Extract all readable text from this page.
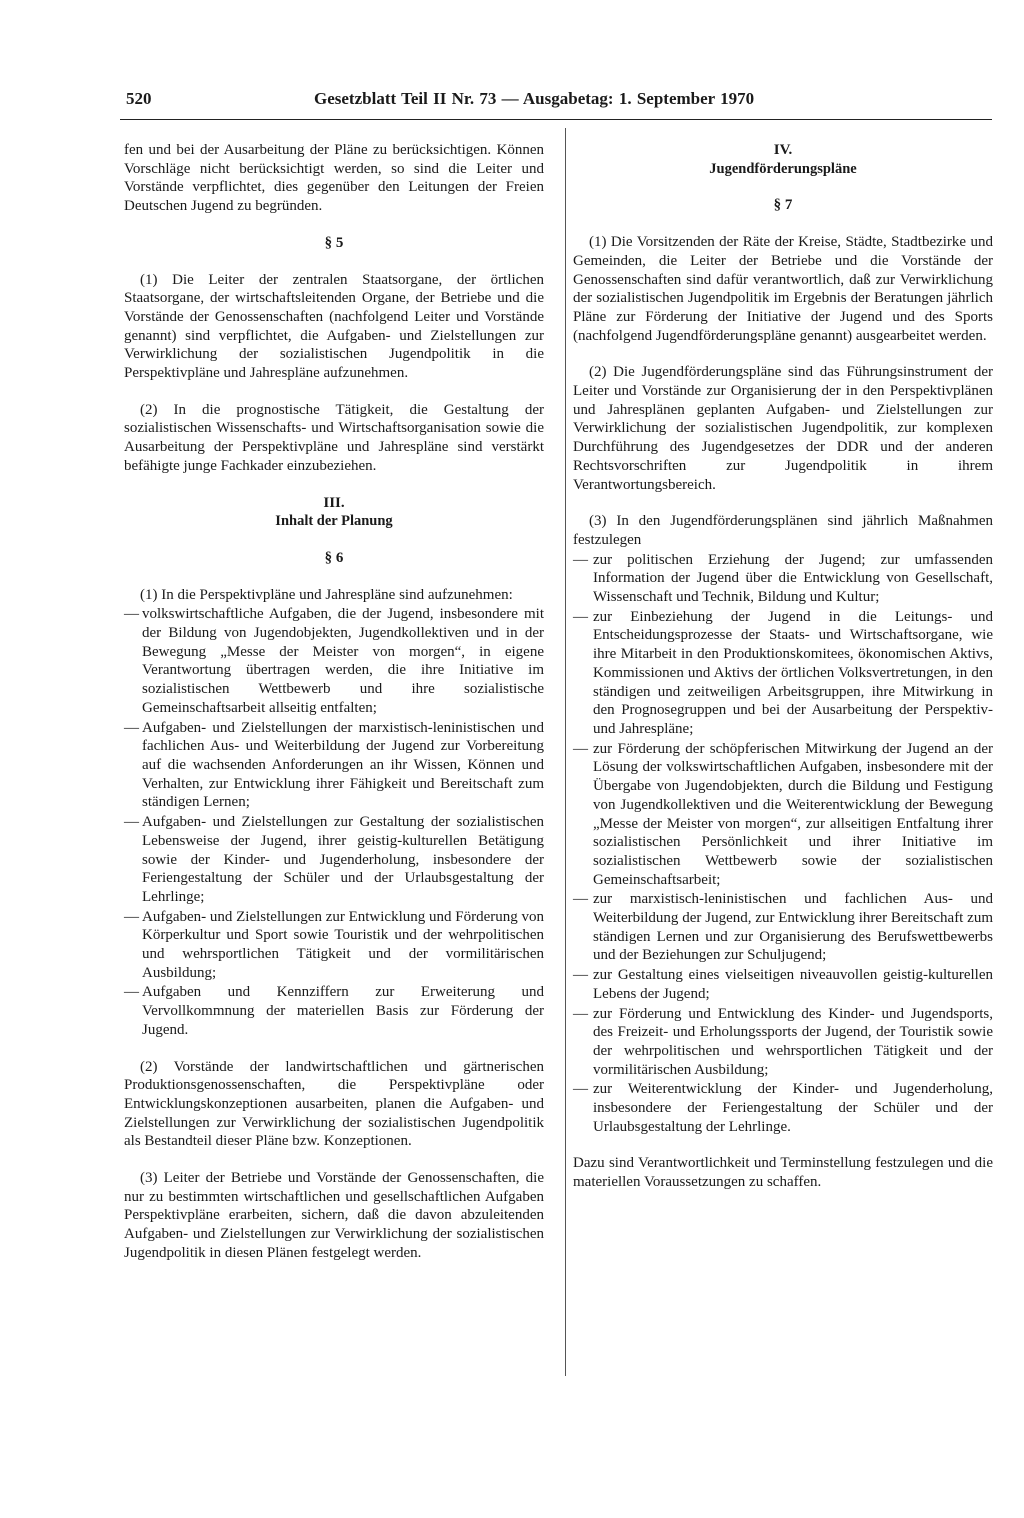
520	Gesetzblatt Teil II Nr. 73 — Ausgabetag: 1. September 1970

fen und bei der Ausarbeitung der Pläne zu berücksichtigen. Können Vorschläge nicht berücksichtigt werden, so sind die Leiter und Vorstände verpflichtet, dies gegenüber den Leitungen der Freien Deutschen Jugend zu begründen.

§ 5

(1) Die Leiter der zentralen Staatsorgane, der örtlichen Staatsorgane, der wirtschaftsleitenden Organe, der Betriebe und die Vorstände der Genossenschaften (nachfolgend Leiter und Vorstände genannt) sind verpflichtet, die Aufgaben- und Zielstellungen zur Verwirklichung der sozialistischen Jugendpolitik in die Perspektivpläne und Jahrespläne aufzunehmen.

(2) In die prognostische Tätigkeit, die Gestaltung der sozialistischen Wissenschafts- und Wirtschaftsorganisation sowie die Ausarbeitung der Perspektivpläne und Jahrespläne sind verstärkt befähigte junge Fachkader einzubeziehen.

III.

Inhalt der Planung

§ 6

(1) In die Perspektivpläne und Jahrespläne sind aufzunehmen:

— volkswirtschaftliche Aufgaben, die der Jugend, insbesondere mit der Bildung von Jugendobjekten, Jugendkollektiven und in der Bewegung „Messe der Meister von morgen“, in eigene Verantwortung übertragen werden, die ihre Initiative im sozialistischen Wettbewerb und ihre sozialistische Gemeinschaftsarbeit allseitig entfalten;
— Aufgaben- und Zielstellungen der marxistisch-leninistischen und fachlichen Aus- und Weiterbildung der Jugend zur Vorbereitung auf die wachsenden Anforderungen an ihr Wissen, Können und Verhalten, zur Entwicklung ihrer Fähigkeit und Bereitschaft zum ständigen Lernen;
— Aufgaben- und Zielstellungen zur Gestaltung der sozialistischen Lebensweise der Jugend, ihrer geistig-kulturellen Betätigung sowie der Kinder- und Jugenderholung, insbesondere der Feriengestaltung der Schüler und der Urlaubsgestaltung der Lehrlinge;
— Aufgaben- und Zielstellungen zur Entwicklung und Förderung von Körperkultur und Sport sowie Touristik und der wehrpolitischen und wehrsportlichen Tätigkeit und der vormilitärischen Ausbildung;
— Aufgaben und Kennziffern zur Erweiterung und Vervollkommnung der materiellen Basis zur Förderung der Jugend.

(2) Vorstände der landwirtschaftlichen und gärtnerischen Produktionsgenossenschaften, die Perspektivpläne oder Entwicklungskonzeptionen ausarbeiten, planen die Aufgaben- und Zielstellungen zur Verwirklichung der sozialistischen Jugendpolitik als Bestandteil dieser Pläne bzw. Konzeptionen.

(3) Leiter der Betriebe und Vorstände der Genossenschaften, die nur zu bestimmten wirtschaftlichen und gesellschaftlichen Aufgaben Perspektivpläne erarbeiten, sichern, daß die davon abzuleitenden Aufgaben- und Zielstellungen zur Verwirklichung der sozialistischen Jugendpolitik in diesen Plänen festgelegt werden.

IV.

Jugendförderungspläne

§ 7

(1) Die Vorsitzenden der Räte der Kreise, Städte, Stadtbezirke und Gemeinden, die Leiter der Betriebe und die Vorstände der Genossenschaften sind dafür verantwortlich, daß zur Verwirklichung der sozialistischen Jugendpolitik im Ergebnis der Beratungen jährlich Pläne zur Förderung der Initiative der Jugend und des Sports (nachfolgend Jugendförderungspläne genannt) ausgearbeitet werden.

(2) Die Jugendförderungspläne sind das Führungsinstrument der Leiter und Vorstände zur Organisierung der in den Perspektivplänen und Jahresplänen geplanten Aufgaben- und Zielstellungen zur Verwirklichung der sozialistischen Jugendpolitik, zur komplexen Durchführung des Jugendgesetzes der DDR und der anderen Rechtsvorschriften zur Jugendpolitik in ihrem Verantwortungsbereich.

(3) In den Jugendförderungsplänen sind jährlich Maßnahmen festzulegen

— zur politischen Erziehung der Jugend; zur umfassenden Information der Jugend über die Entwicklung von Gesellschaft, Wissenschaft und Technik, Bildung und Kultur;
— zur Einbeziehung der Jugend in die Leitungs- und Entscheidungsprozesse der Staats- und Wirtschaftsorgane, wie ihre Mitarbeit in den Produktionskomitees, ökonomischen Aktivs, Kommissionen und Aktivs der örtlichen Volksvertretungen, in den ständigen und zeitweiligen Arbeitsgruppen, ihre Mitwirkung in den Prognosegruppen und bei der Ausarbeitung der Perspektiv- und Jahrespläne;
— zur Förderung der schöpferischen Mitwirkung der Jugend an der Lösung der volkswirtschaftlichen Aufgaben, insbesondere mit der Übergabe von Jugendobjekten, durch die Bildung und Festigung von Jugendkollektiven und die Weiterentwicklung der Bewegung „Messe der Meister von morgen“, zur allseitigen Entfaltung ihrer sozialistischen Persönlichkeit und ihrer Initiative im sozialistischen Wettbewerb sowie der sozialistischen Gemeinschaftsarbeit;
— zur marxistisch-leninistischen und fachlichen Aus- und Weiterbildung der Jugend, zur Entwicklung ihrer Bereitschaft zum ständigen Lernen und zur Organisierung des Berufswettbewerbs und der Beziehungen zur Schuljugend;
— zur Gestaltung eines vielseitigen niveauvollen geistig-kulturellen Lebens der Jugend;
— zur Förderung und Entwicklung des Kinder- und Jugendsports, des Freizeit- und Erholungssports der Jugend, der Touristik sowie der wehrpolitischen und wehrsportlichen Tätigkeit und der vormilitärischen Ausbildung;
— zur Weiterentwicklung der Kinder- und Jugenderholung, insbesondere der Feriengestaltung der Schüler und der Urlaubsgestaltung der Lehrlinge.

Dazu sind Verantwortlichkeit und Terminstellung festzulegen und die materiellen Voraussetzungen zu schaffen.
